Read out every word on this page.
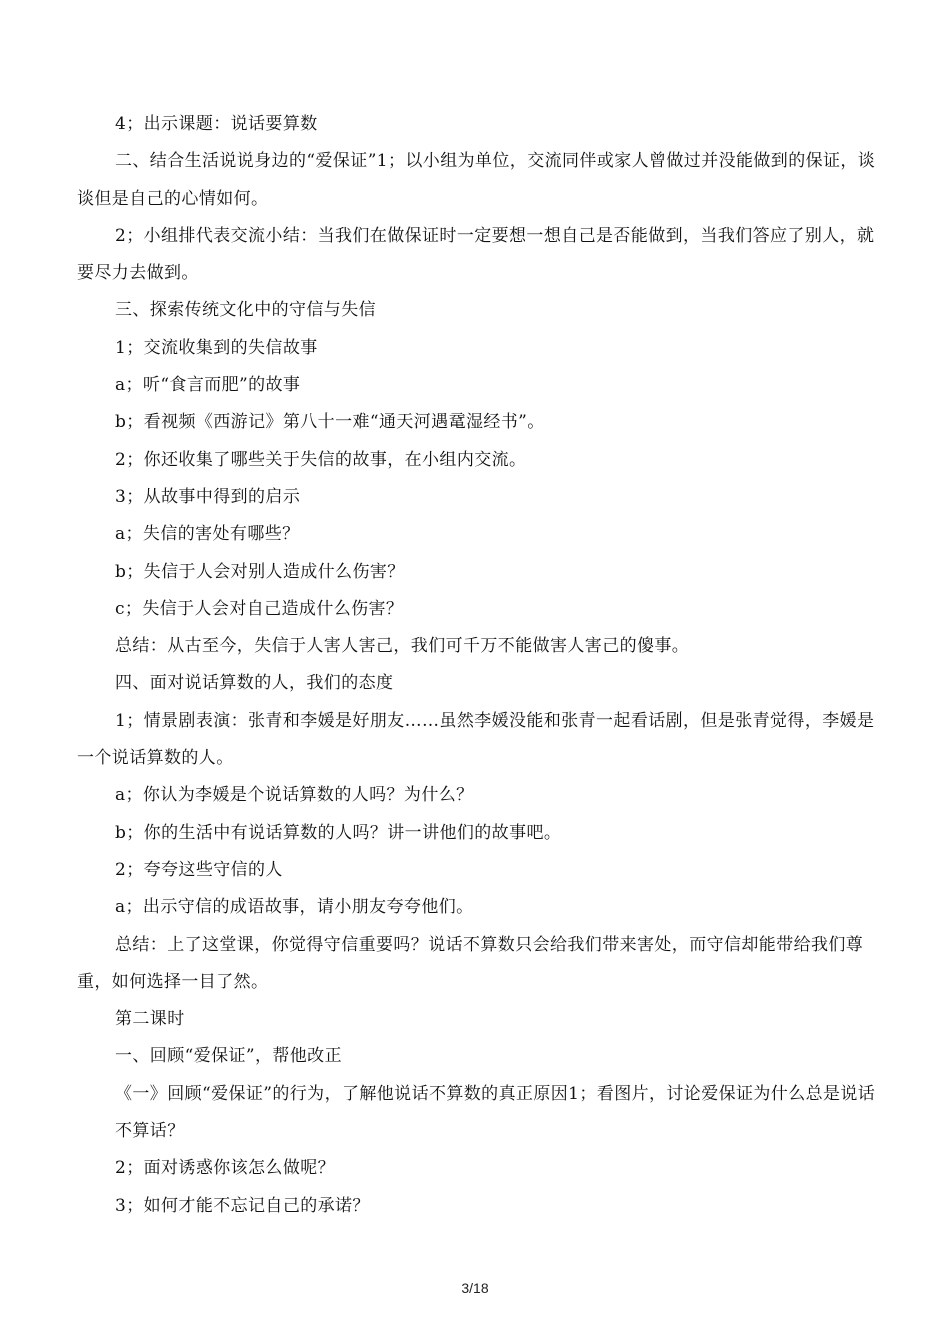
4；出示课题：说话要算数

二、结合生活说说身边的“爱保证”1；以小组为单位，交流同伴或家人曾做过并没能做到的保证，谈谈但是自己的心情如何。

2；小组排代表交流小结：当我们在做保证时一定要想一想自己是否能做到，当我们答应了别人，就要尽力去做到。

三、探索传统文化中的守信与失信

1；交流收集到的失信故事

a；听“食言而肥”的故事

b；看视频《西游记》第八十一难“通天河遇鼋湿经书”。

2；你还收集了哪些关于失信的故事，在小组内交流。

3；从故事中得到的启示

a；失信的害处有哪些？

b；失信于人会对别人造成什么伤害？

c；失信于人会对自己造成什么伤害？

总结：从古至今，失信于人害人害己，我们可千万不能做害人害己的傻事。

四、面对说话算数的人，我们的态度

1；情景剧表演：张青和李媛是好朋友……虽然李媛没能和张青一起看话剧，但是张青觉得，李媛是一个说话算数的人。

a；你认为李媛是个说话算数的人吗？为什么？

b；你的生活中有说话算数的人吗？讲一讲他们的故事吧。

2；夸夸这些守信的人

a；出示守信的成语故事，请小朋友夸夸他们。

总结：上了这堂课，你觉得守信重要吗？说话不算数只会给我们带来害处，而守信却能带给我们尊重，如何选择一目了然。

第二课时

一、回顾“爱保证”，帮他改正

《一》回顾“爱保证”的行为，了解他说话不算数的真正原因1；看图片，讨论爱保证为什么总是说话不算话？

2；面对诱惑你该怎么做呢？

3；如何才能不忘记自己的承诺？

3/18
